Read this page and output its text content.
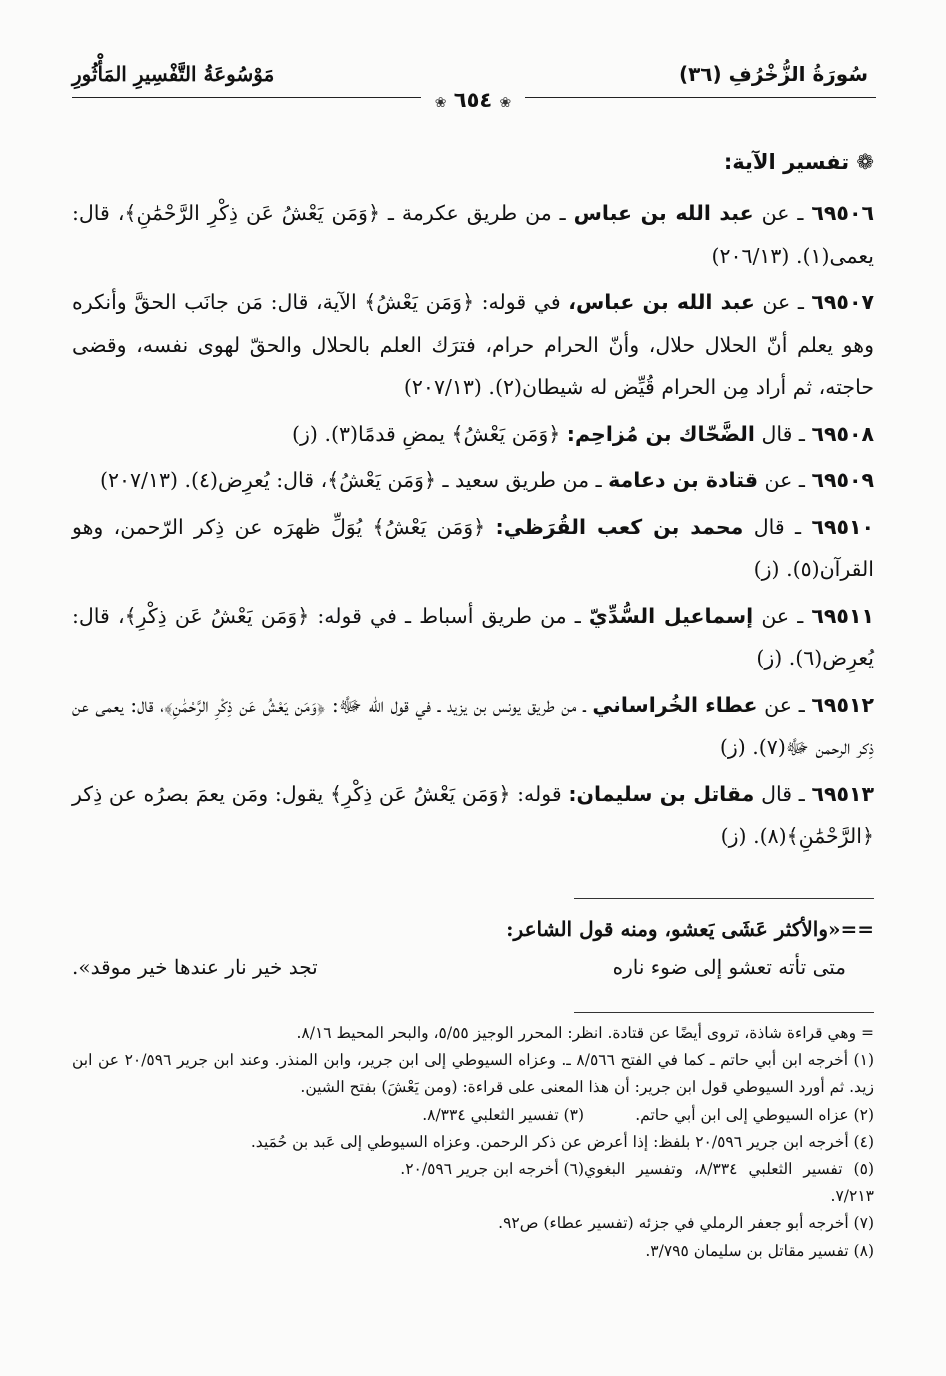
سُورَةُ الزُّخْرُفِ (٣٦)
مَوْسُوعَةُ التَّفْسِيرِ المَأْثُورِ
❀ ٦٥٤ ❀
❁ تفسير الآية:

٦٩٥٠٦ ـ عن عبد الله بن عباس ـ من طريق عكرمة ـ ﴿وَمَن يَعْشُ عَن ذِكْرِ الرَّحْمَٰنِ﴾، قال: يعمى(١). (٢٠٦/١٣)

٦٩٥٠٧ ـ عن عبد الله بن عباس، في قوله: ﴿وَمَن يَعْشُ﴾ الآية، قال: مَن جانَب الحقَّ وأنكره وهو يعلم أنّ الحلال حلال، وأنّ الحرام حرام، فترَك العلم بالحلال والحقّ لهوى نفسه، وقضى حاجته، ثم أراد مِن الحرام قُيِّض له شيطان(٢). (٢٠٧/١٣)

٦٩٥٠٨ ـ قال الضَّحّاك بن مُزاحِم: ﴿وَمَن يَعْشُ﴾ يمضِ قدمًا(٣). (ز)

٦٩٥٠٩ ـ عن قتادة بن دعامة ـ من طريق سعيد ـ ﴿وَمَن يَعْشُ﴾، قال: يُعرِض(٤). (٢٠٧/١٣)

٦٩٥١٠ ـ قال محمد بن كعب القُرَظي: ﴿وَمَن يَعْشُ﴾ يُوَلِّ ظهرَه عن ذِكر الرّحمن، وهو القرآن(٥). (ز)

٦٩٥١١ ـ عن إسماعيل السُّدِّيّ ـ من طريق أسباط ـ في قوله: ﴿وَمَن يَعْشُ عَن ذِكْرِ﴾، قال: يُعرِض(٦). (ز)

٦٩٥١٢ ـ عن عطاء الخُراساني ـ من طريق يونس بن يزيد ـ في قول الله ﷻ: ﴿وَمَن يَعْشُ عَن ذِكْرِ الرَّحْمَٰنِ﴾، قال: يعمى عن ذِكر الرحمن ﷻ(٧). (ز)

٦٩٥١٣ ـ قال مقاتل بن سليمان: قوله: ﴿وَمَن يَعْشُ عَن ذِكْرِ﴾ يقول: ومَن يعمَ بصرُه عن ذِكر ﴿الرَّحْمَٰنِ﴾(٨). (ز)

==«والأكثر عَشَى يَعشو، ومنه قول الشاعر:
متى تأته تعشو إلى ضوء ناره
تجد خير نار عندها خير موقد».

= وهي قراءة شاذة، تروى أيضًا عن قتادة. انظر: المحرر الوجيز ٥/٥٥، والبحر المحيط ٨/١٦.

(١) أخرجه ابن أبي حاتم ـ كما في الفتح ٨/٥٦٦ ـ. وعزاه السيوطي إلى ابن جرير، وابن المنذر. وعند ابن جرير ٢٠/٥٩٦ عن ابن زيد. ثم أورد السيوطي قول ابن جرير: أن هذا المعنى على قراءة: (ومن يَعْشَ) بفتح الشين.

(٢) عزاه السيوطي إلى ابن أبي حاتم.
(٣) تفسير الثعلبي ٨/٣٣٤.

(٤) أخرجه ابن جرير ٢٠/٥٩٦ بلفظ: إذا أعرض عن ذكر الرحمن. وعزاه السيوطي إلى عَبد بن حُمَيد.

(٥) تفسير الثعلبي ٨/٣٣٤، وتفسير البغوي ٧/٢١٣.
(٦) أخرجه ابن جرير ٢٠/٥٩٦.

(٧) أخرجه أبو جعفر الرملي في جزئه (تفسير عطاء) ص٩٢.

(٨) تفسير مقاتل بن سليمان ٣/٧٩٥.
